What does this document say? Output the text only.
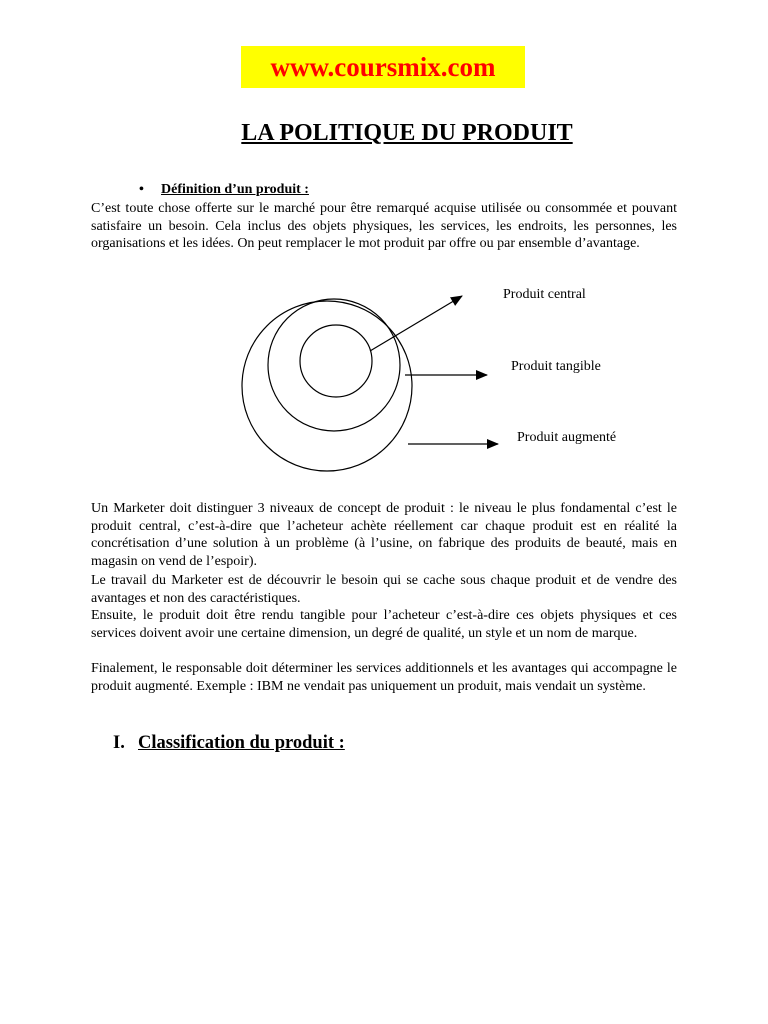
www.coursmix.com
LA POLITIQUE DU PRODUIT
• Définition d’un produit :
C’est toute chose offerte sur le marché pour être remarqué acquise utilisée ou consommée et pouvant satisfaire un besoin. Cela inclus des objets physiques, les services, les endroits, les personnes, les organisations et les idées. On peut remplacer le mot produit par offre ou par ensemble d’avantage.
Produit central
Produit tangible
Produit augmenté
Un Marketer doit distinguer 3 niveaux de concept de produit : le niveau le plus fondamental c’est le produit central, c’est-à-dire que l’acheteur achète réellement car chaque produit est en réalité la concrétisation d’une solution à un problème (à l’usine, on fabrique des produits de beauté, mais en magasin on vend de l’espoir).
Le travail du Marketer est de découvrir le besoin qui se cache sous chaque produit et de vendre des avantages et non des caractéristiques.
Ensuite, le produit doit être rendu tangible pour l’acheteur c’est-à-dire ces objets physiques et ces services doivent avoir une certaine dimension, un degré de qualité, un style et un nom de marque.
Finalement, le responsable doit déterminer les services additionnels et les avantages qui accompagne le produit augmenté. Exemple : IBM ne vendait pas uniquement un produit, mais vendait un système.
I. Classification du produit :
